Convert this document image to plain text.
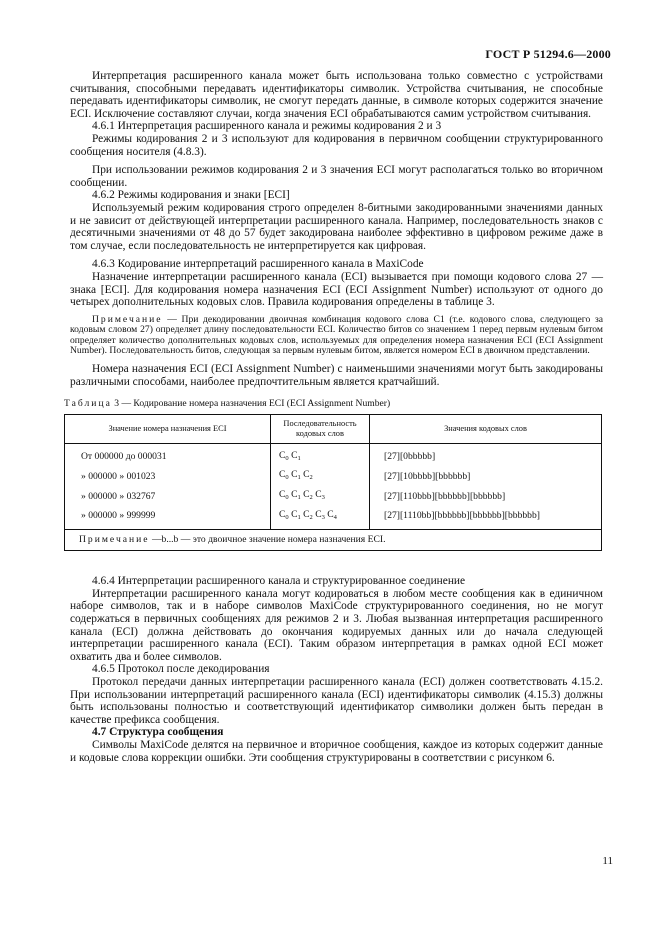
ГОСТ Р 51294.6—2000

Интерпретация расширенного канала может быть использована только совместно с устройствами считывания, способными передавать идентификаторы символик. Устройства считывания, не способные передавать идентификаторы символик, не смогут передать данные, в символе которых содержится значение ECI. Исключение составляют случаи, когда значения ECI обрабатываются самим устройством считывания.

4.6.1 Интерпретация расширенного канала и режимы кодирования 2 и 3

Режимы кодирования 2 и 3 используют для кодирования в первичном сообщении структурированного сообщения носителя (4.8.3).

При использовании режимов кодирования 2 и 3 значения ECI могут располагаться только во вторичном сообщении.

4.6.2 Режимы кодирования и знаки [ECI]

Используемый режим кодирования строго определен 8-битными закодированными значениями данных и не зависит от действующей интерпретации расширенного канала. Например, последовательность знаков с десятичными значениями от 48 до 57 будет закодирована наиболее эффективно в цифровом режиме даже в том случае, если последовательность не интерпретируется как цифровая.

4.6.3 Кодирование интерпретаций расширенного канала в MaxiCode

Назначение интерпретации расширенного канала (ECI) вызывается при помощи кодового слова 27 — знака [ECI]. Для кодирования номера назначения ECI (ECI Assignment Number) используют от одного до четырех дополнительных кодовых слов. Правила кодирования определены в таблице 3.

Примечание — При декодировании двоичная комбинация кодового слова C1 (т.е. кодового слова, следующего за кодовым словом 27) определяет длину последовательности ECI. Количество битов со значением 1 перед первым нулевым битом определяет количество дополнительных кодовых слов, используемых для определения номера назначения ECI (ECI Assignment Number). Последовательность битов, следующая за первым нулевым битом, является номером ECI в двоичном представлении.

Номера назначения ECI (ECI Assignment Number) с наименьшими значениями могут быть закодированы различными способами, наиболее предпочтительным является кратчайший.

Таблица 3 — Кодирование номера назначения ECI (ECI Assignment Number)
Значение номера назначения ECI	Последовательность кодовых слов	Значения кодовых слов
От 000000 до 000031	$C_0$ $C_1$	[27][0bbbbb]
» 000000 » 001023	$C_0$ $C_1$ $C_2$	[27][10bbbb][bbbbbb]
» 000000 » 032767	$C_0$ $C_1$ $C_2$ $C_3$	[27][110bbb][bbbbbb][bbbbbb]
» 000000 » 999999	$C_0$ $C_1$ $C_2$ $C_3$ $C_4$	[27][1110bb][bbbbbb][bbbbbb][bbbbbb]
Примечание —b...b — это двоичное значение номера назначения ECI.		

4.6.4 Интерпретации расширенного канала и структурированное соединение

Интерпретации расширенного канала могут кодироваться в любом месте сообщения как в единичном наборе символов, так и в наборе символов MaxiCode структурированного соединения, но не могут содержаться в первичных сообщениях для режимов 2 и 3. Любая вызванная интерпретация расширенного канала (ECI) должна действовать до окончания кодируемых данных или до начала следующей интерпретации расширенного канала (ECI). Таким образом интерпретация в рамках одной ECI может охватить два и более символов.

4.6.5 Протокол после декодирования

Протокол передачи данных интерпретации расширенного канала (ECI) должен соответствовать 4.15.2. При использовании интерпретаций расширенного канала (ECI) идентификаторы символик (4.15.3) должны быть использованы полностью и соответствующий идентификатор символики должен быть передан в качестве префикса сообщения.

4.7 Структура сообщения

Символы MaxiCode делятся на первичное и вторичное сообщения, каждое из которых содержит данные и кодовые слова коррекции ошибки. Эти сообщения структурированы в соответствии с рисунком 6.

11
